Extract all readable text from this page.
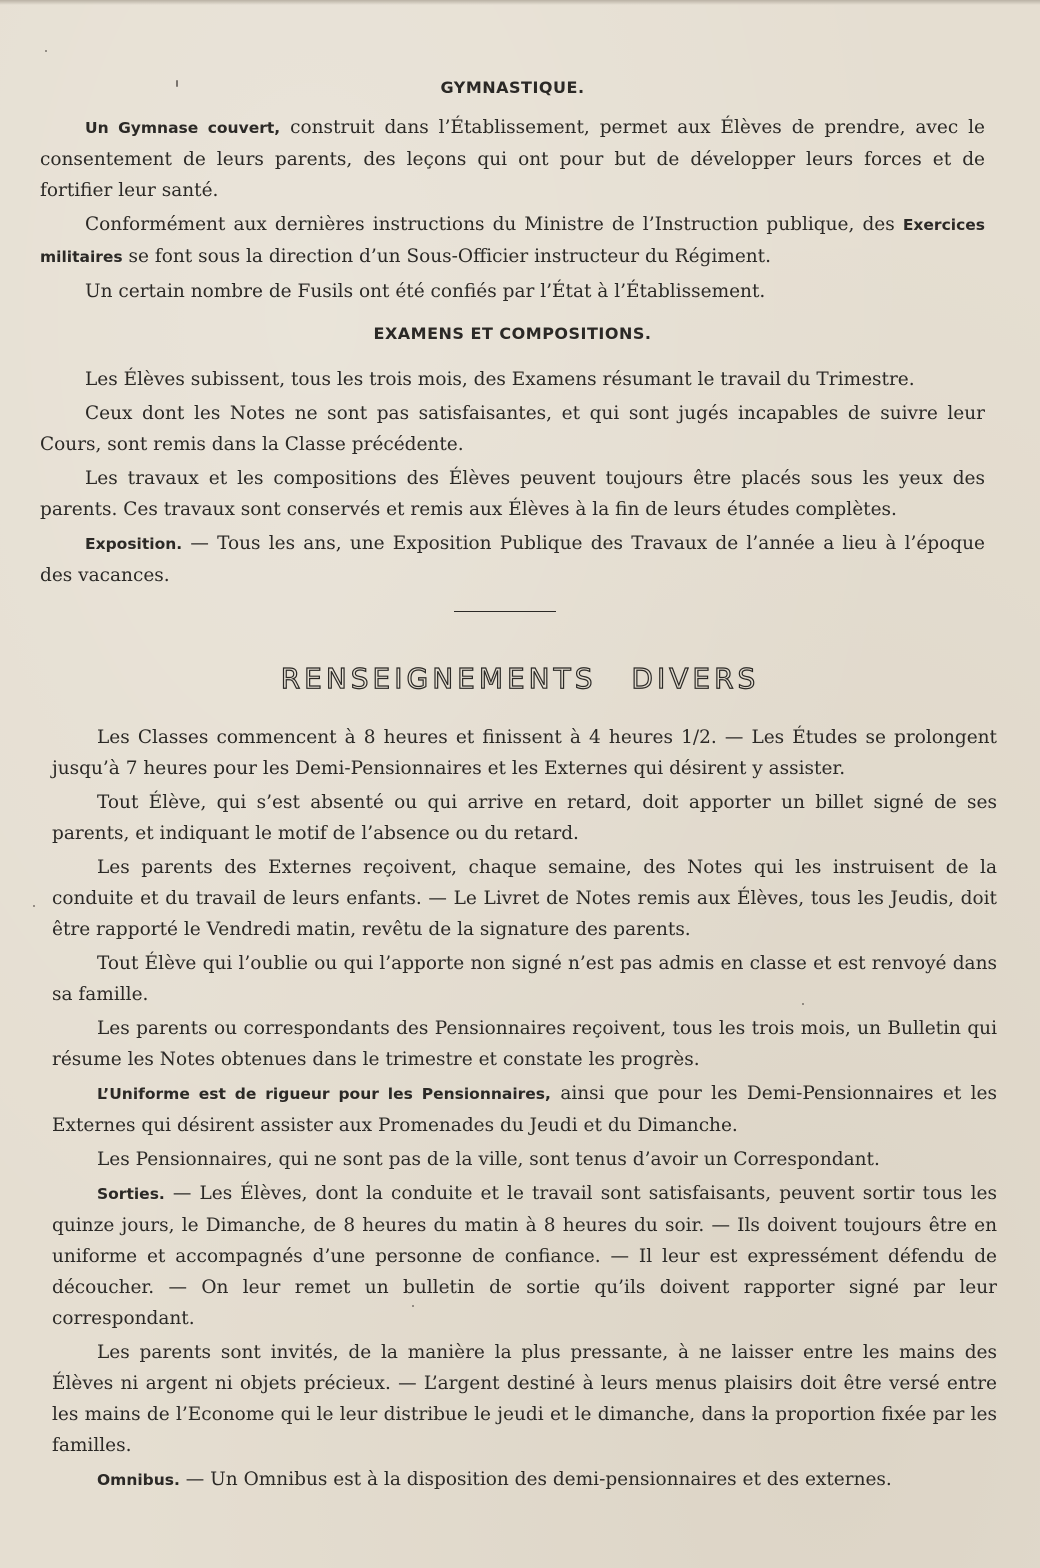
GYMNASTIQUE.

Un Gymnase couvert, construit dans l’Établissement, permet aux Élèves de prendre, avec le consentement de leurs parents, des leçons qui ont pour but de développer leurs forces et de fortifier leur santé.

Conformément aux dernières instructions du Ministre de l’Instruction publique, des Exercices militaires se font sous la direction d’un Sous-Officier instructeur du Régiment.

Un certain nombre de Fusils ont été confiés par l’État à l’Établissement.

EXAMENS ET COMPOSITIONS.

Les Élèves subissent, tous les trois mois, des Examens résumant le travail du Trimestre.

Ceux dont les Notes ne sont pas satisfaisantes, et qui sont jugés incapables de suivre leur Cours, sont remis dans la Classe précédente.

Les travaux et les compositions des Élèves peuvent toujours être placés sous les yeux des parents. Ces travaux sont conservés et remis aux Élèves à la fin de leurs études complètes.

Exposition. — Tous les ans, une Exposition Publique des Travaux de l’année a lieu à l’époque des vacances.

RENSEIGNEMENTS DIVERS

Les Classes commencent à 8 heures et finissent à 4 heures 1/2. — Les Études se prolongent jusqu’à 7 heures pour les Demi-Pensionnaires et les Externes qui désirent y assister.

Tout Élève, qui s’est absenté ou qui arrive en retard, doit apporter un billet signé de ses parents, et indiquant le motif de l’absence ou du retard.

Les parents des Externes reçoivent, chaque semaine, des Notes qui les instruisent de la conduite et du travail de leurs enfants. — Le Livret de Notes remis aux Élèves, tous les Jeudis, doit être rapporté le Vendredi matin, revêtu de la signature des parents.

Tout Élève qui l’oublie ou qui l’apporte non signé n’est pas admis en classe et est renvoyé dans sa famille.

Les parents ou correspondants des Pensionnaires reçoivent, tous les trois mois, un Bulletin qui résume les Notes obtenues dans le trimestre et constate les progrès.

L’Uniforme est de rigueur pour les Pensionnaires, ainsi que pour les Demi-Pensionnaires et les Externes qui désirent assister aux Promenades du Jeudi et du Dimanche.

Les Pensionnaires, qui ne sont pas de la ville, sont tenus d’avoir un Correspondant.

Sorties. — Les Élèves, dont la conduite et le travail sont satisfaisants, peuvent sortir tous les quinze jours, le Dimanche, de 8 heures du matin à 8 heures du soir. — Ils doivent toujours être en uniforme et accompagnés d’une personne de confiance. — Il leur est expressément défendu de découcher. — On leur remet un bulletin de sortie qu’ils doivent rapporter signé par leur correspondant.

Les parents sont invités, de la manière la plus pressante, à ne laisser entre les mains des Élèves ni argent ni objets précieux. — L’argent destiné à leurs menus plaisirs doit être versé entre les mains de l’Econome qui le leur distribue le jeudi et le dimanche, dans la proportion fixée par les familles.

Omnibus. — Un Omnibus est à la disposition des demi-pensionnaires et des externes.
